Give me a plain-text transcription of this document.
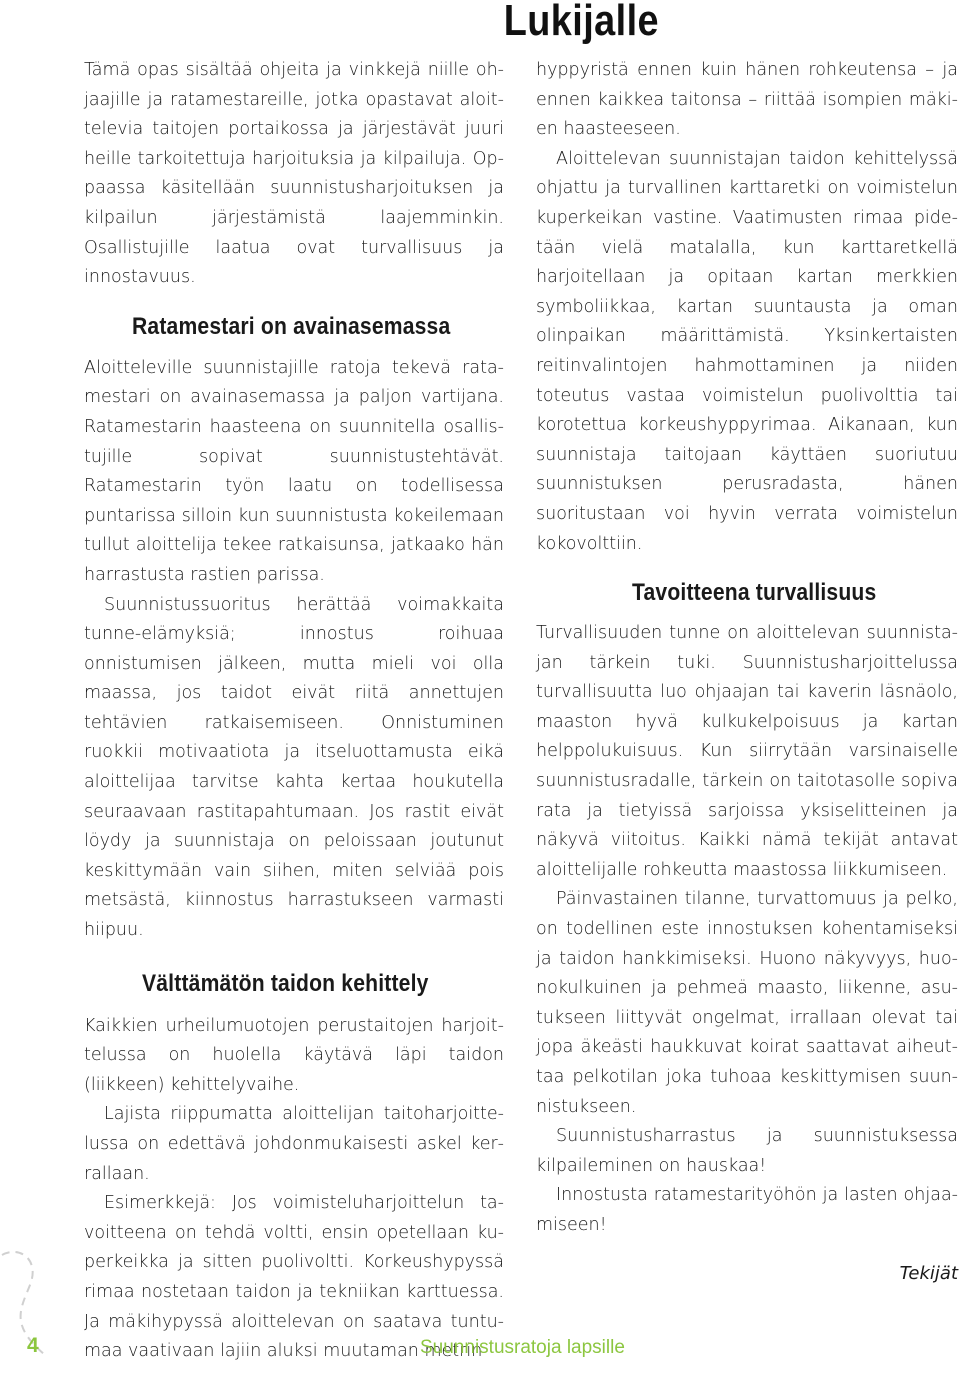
Lukijalle

Tämä opas sisältää ohjeita ja vinkkejä niille ohjaajille ja ratamestareille, jotka opastavat aloittelevia taitojen portaikossa ja järjestävät juuri heille tarkoitettuja harjoituksia ja kilpailuja. Oppaassa käsitellään suunnistusharjoituksen ja kilpailun järjestämistä laajemminkin. Osallistujille laatua ovat turvallisuus ja innostavuus.

Ratamestari on avainasemassa

Aloitteleville suunnistajille ratoja tekevä ratamestari on avainasemassa ja paljon vartijana. Ratamestarin haasteena on suunnitella osallistujille sopivat suunnistustehtävät. Ratamestarin työn laatu on todellisessa puntarissa silloin kun suunnistusta kokeilemaan tullut aloittelija tekee ratkaisunsa, jatkaako hän harrastusta rastien parissa.

Suunnistussuoritus herättää voimakkaita tunne-elämyksiä; innostus roihuaa onnistumisen jälkeen, mutta mieli voi olla maassa, jos taidot eivät riitä annettujen tehtävien ratkaisemiseen. Onnistuminen ruokkii motivaatiota ja itseluottamusta eikä aloittelijaa tarvitse kahta kertaa houkutella seuraavaan rastitapahtumaan. Jos rastit eivät löydy ja suunnistaja on peloissaan joutunut keskittymään vain siihen, miten selviää pois metsästä, kiinnostus harrastukseen varmasti hiipuu.

Välttämätön taidon kehittely

Kaikkien urheilumuotojen perustaitojen harjoittelussa on huolella käytävä läpi taidon (liikkeen) kehittelyvaihe.

Lajista riippumatta aloittelijan taitoharjoittelussa on edettävä johdonmukaisesti askel kerrallaan.

Esimerkkejä: Jos voimisteluharjoittelun tavoitteena on tehdä voltti, ensin opetellaan kuperkeikka ja sitten puolivoltti. Korkeushypyssä rimaa nostetaan taidon ja tekniikan karttuessa. Ja mäkihypyssä aloittelevan on saatava tuntumaa vaativaan lajiin aluksi muutaman metrin

hyppyristä ennen kuin hänen rohkeutensa – ja ennen kaikkea taitonsa – riittää isompien mäkien haasteeseen.

Aloittelevan suunnistajan taidon kehittelyssä ohjattu ja turvallinen karttaretki on voimistelun kuperkeikan vastine. Vaatimusten rimaa pidetään vielä matalalla, kun karttaretkellä harjoitellaan ja opitaan kartan merkkien symboliikkaa, kartan suuntausta ja oman olinpaikan määrittämistä. Yksinkertaisten reitinvalintojen hahmottaminen ja niiden toteutus vastaa voimistelun puolivolttia tai korotettua korkeushyppyrimaa. Aikanaan, kun suunnistaja taitojaan käyttäen suoriutuu suunnistuksen perusradasta, hänen suoritustaan voi hyvin verrata voimistelun kokovolttiin.

Tavoitteena turvallisuus

Turvallisuuden tunne on aloittelevan suunnistajan tärkein tuki. Suunnistusharjoittelussa turvallisuutta luo ohjaajan tai kaverin läsnäolo, maaston hyvä kulkukelpoisuus ja kartan helppolukuisuus. Kun siirrytään varsinaiselle suunnistusradalle, tärkein on taitotasolle sopiva rata ja tietyissä sarjoissa yksiselitteinen ja näkyvä viitoitus. Kaikki nämä tekijät antavat aloittelijalle rohkeutta maastossa liikkumiseen.

Päinvastainen tilanne, turvattomuus ja pelko, on todellinen este innostuksen kohentamiseksi ja taidon hankkimiseksi. Huono näkyvyys, huonokulkuinen ja pehmeä maasto, liikenne, asutukseen liittyvät ongelmat, irrallaan olevat tai jopa äkeästi haukkuvat koirat saattavat aiheuttaa pelkotilan joka tuhoaa keskittymisen suunnistukseen.

Suunnistusharrastus ja suunnistuksessa kilpaileminen on hauskaa!

Innostusta ratamestarityöhön ja lasten ohjaamiseen!

Tekijät
4	Suunnistusratoja lapsille
